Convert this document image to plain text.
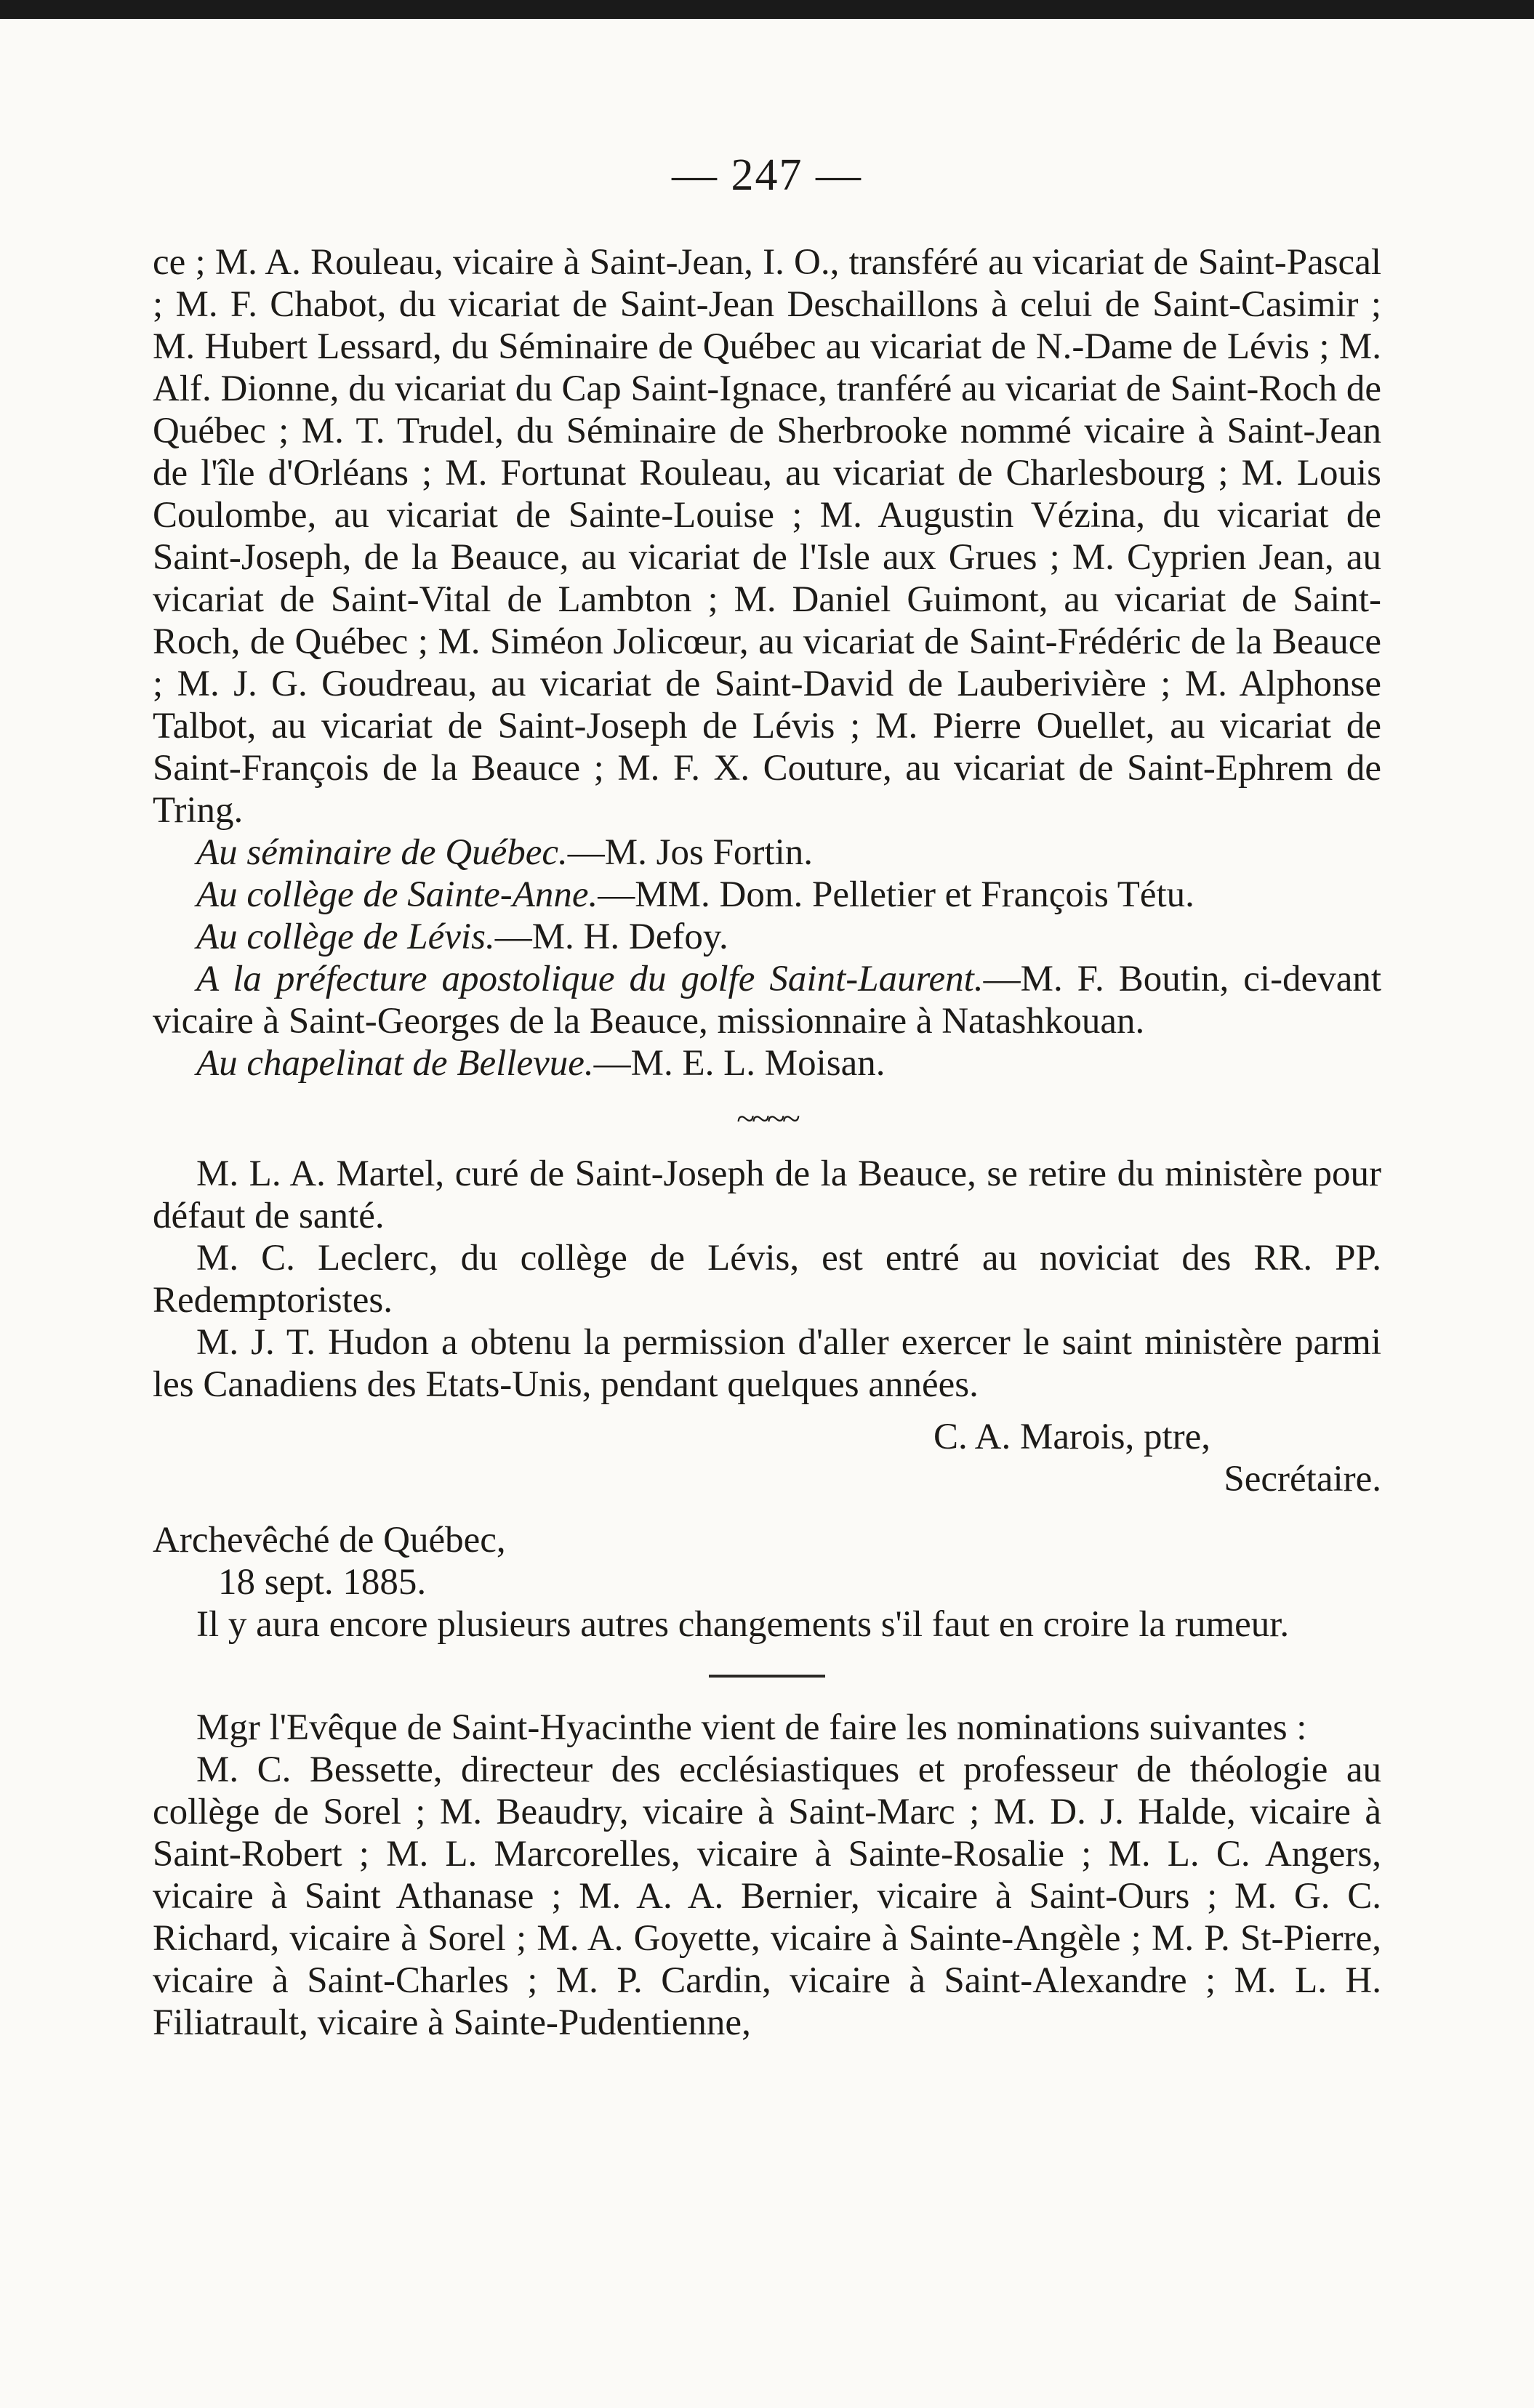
— 247 —

ce ; M. A. Rouleau, vicaire à Saint-Jean, I. O., transféré au vicariat de Saint-Pascal ; M. F. Chabot, du vicariat de Saint-Jean Deschaillons à celui de Saint-Casimir ; M. Hubert Lessard, du Séminaire de Québec au vicariat de N.-Dame de Lévis ; M. Alf. Dionne, du vicariat du Cap Saint-Ignace, tranféré au vicariat de Saint-Roch de Québec ; M. T. Trudel, du Séminaire de Sherbrooke nommé vicaire à Saint-Jean de l'île d'Orléans ; M. Fortunat Rouleau, au vicariat de Charlesbourg ; M. Louis Coulombe, au vicariat de Sainte-Louise ; M. Augustin Vézina, du vicariat de Saint-Joseph, de la Beauce, au vicariat de l'Isle aux Grues ; M. Cyprien Jean, au vicariat de Saint-Vital de Lambton ; M. Daniel Guimont, au vicariat de Saint-Roch, de Québec ; M. Siméon Jolicœur, au vicariat de Saint-Frédéric de la Beauce ; M. J. G. Goudreau, au vicariat de Saint-David de Lauberivière ; M. Alphonse Talbot, au vicariat de Saint-Joseph de Lévis ; M. Pierre Ouellet, au vicariat de Saint-François de la Beauce ; M. F. X. Couture, au vicariat de Saint-Ephrem de Tring.

Au séminaire de Québec.—M. Jos Fortin.

Au collège de Sainte-Anne.—MM. Dom. Pelletier et François Tétu.

Au collège de Lévis.—M. H. Defoy.

A la préfecture apostolique du golfe Saint-Laurent.—M. F. Boutin, ci-devant vicaire à Saint-Georges de la Beauce, missionnaire à Natashkouan.

Au chapelinat de Bellevue.—M. E. L. Moisan.

~~~~

M. L. A. Martel, curé de Saint-Joseph de la Beauce, se retire du ministère pour défaut de santé.

M. C. Leclerc, du collège de Lévis, est entré au noviciat des RR. PP. Redemptoristes.

M. J. T. Hudon a obtenu la permission d'aller exercer le saint ministère parmi les Canadiens des Etats-Unis, pendant quelques années.

C. A. Marois, ptre,
Secrétaire.
Archevêché de Québec,
18 sept. 1885.

Il y aura encore plusieurs autres changements s'il faut en croire la rumeur.

Mgr l'Evêque de Saint-Hyacinthe vient de faire les nominations suivantes :

M. C. Bessette, directeur des ecclésiastiques et professeur de théologie au collège de Sorel ; M. Beaudry, vicaire à Saint-Marc ; M. D. J. Halde, vicaire à Saint-Robert ; M. L. Marcorelles, vicaire à Sainte-Rosalie ; M. L. C. Angers, vicaire à Saint Athanase ; M. A. A. Bernier, vicaire à Saint-Ours ; M. G. C. Richard, vicaire à Sorel ; M. A. Goyette, vicaire à Sainte-Angèle ; M. P. St-Pierre, vicaire à Saint-Charles ; M. P. Cardin, vicaire à Saint-Alexandre ; M. L. H. Filiatrault, vicaire à Sainte-Pudentienne,
